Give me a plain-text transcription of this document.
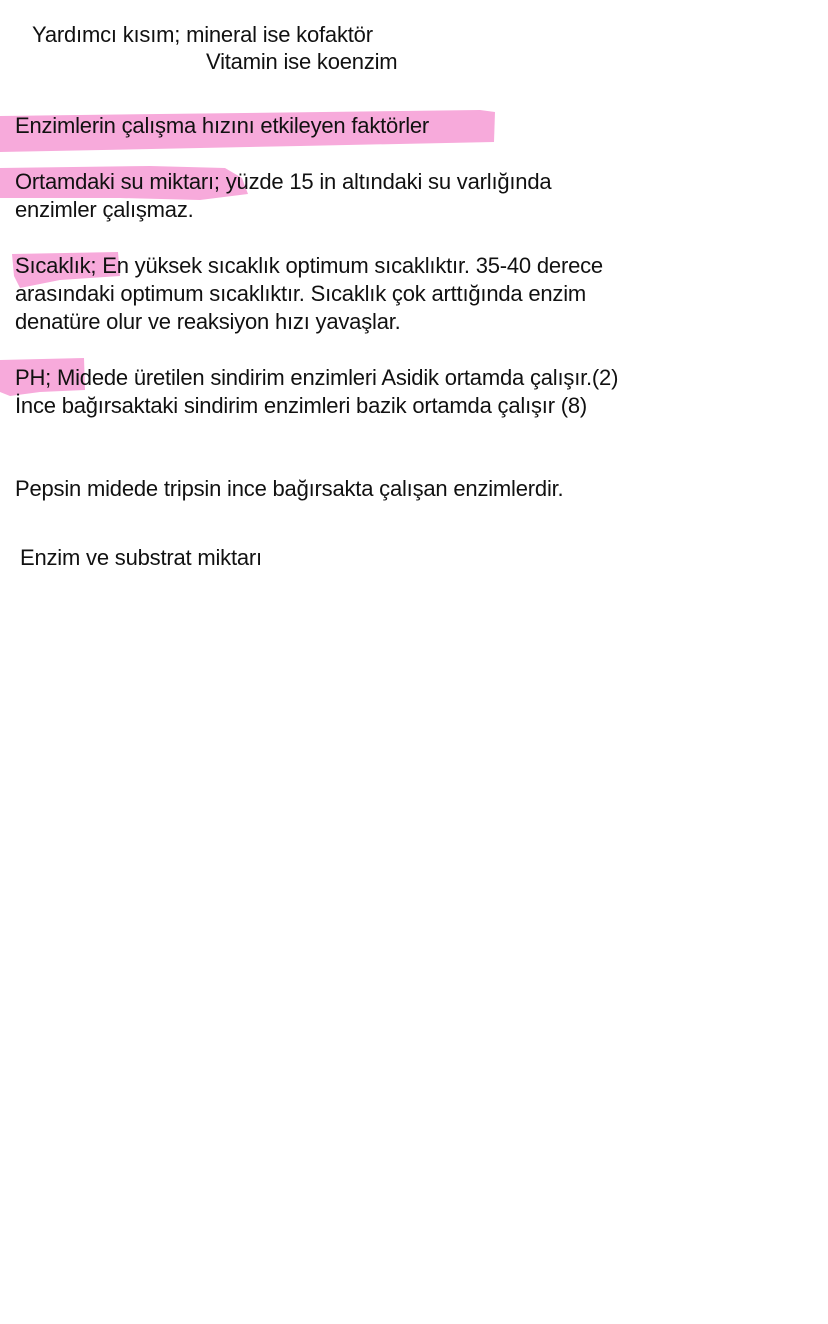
Yardımcı kısım; mineral ise kofaktör
Vitamin ise koenzim
Enzimlerin çalışma hızını etkileyen faktörler
Ortamdaki su miktarı; yüzde 15 in altındaki su varlığında
enzimler çalışmaz.
Sıcaklık; En yüksek sıcaklık optimum sıcaklıktır. 35-40 derece
arasındaki optimum sıcaklıktır. Sıcaklık çok arttığında enzim
denatüre olur ve reaksiyon hızı yavaşlar.
PH; Midede üretilen sindirim enzimleri Asidik ortamda çalışır.(2)
İnce bağırsaktaki sindirim enzimleri bazik ortamda çalışır (8)
Pepsin midede tripsin ince bağırsakta çalışan enzimlerdir.
Enzim ve substrat miktarı
